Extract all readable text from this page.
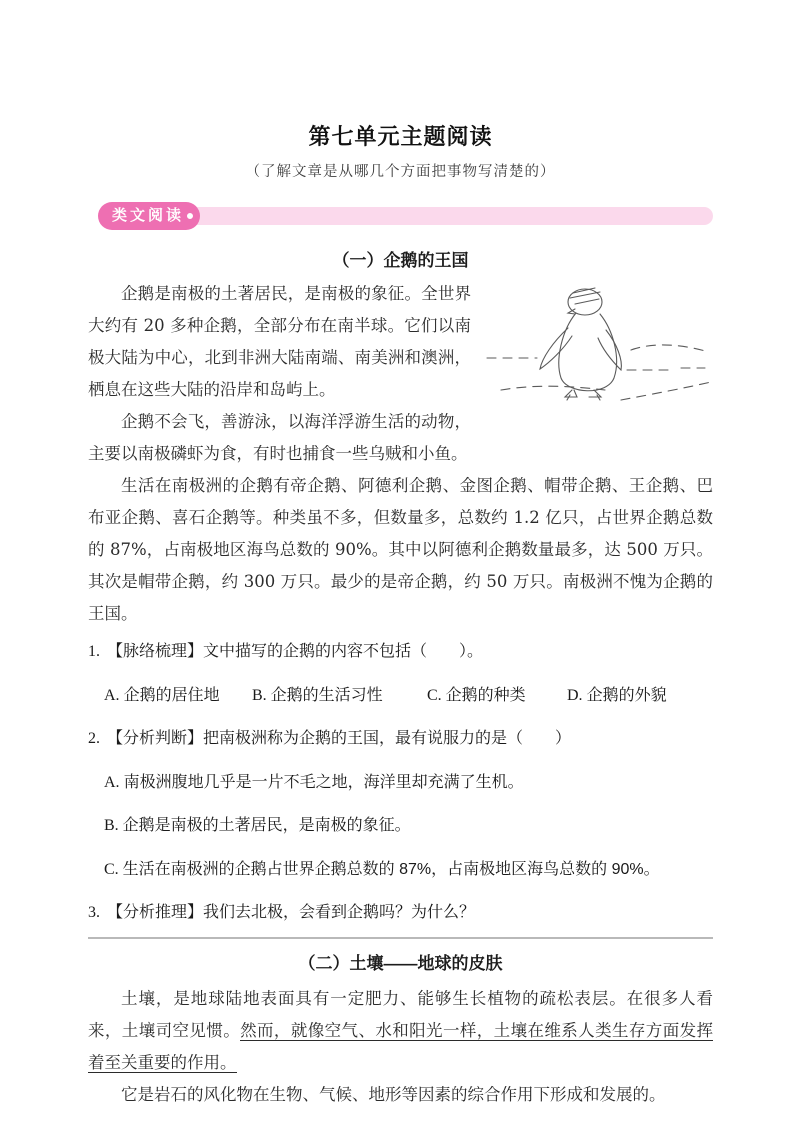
第七单元主题阅读
（了解文章是从哪几个方面把事物写清楚的）
类文阅读
（一）企鹅的王国

企鹅是南极的土著居民，是南极的象征。全世界大约有 20 多种企鹅，全部分布在南半球。它们以南极大陆为中心，北到非洲大陆南端、南美洲和澳洲，栖息在这些大陆的沿岸和岛屿上。

企鹅不会飞，善游泳，以海洋浮游生活的动物，主要以南极磷虾为食，有时也捕食一些乌贼和小鱼。

生活在南极洲的企鹅有帝企鹅、阿德利企鹅、金图企鹅、帽带企鹅、王企鹅、巴布亚企鹅、喜石企鹅等。种类虽不多，但数量多，总数约 1.2 亿只，占世界企鹅总数的 87%，占南极地区海鸟总数的 90%。其中以阿德利企鹅数量最多，达 500 万只。其次是帽带企鹅，约 300 万只。最少的是帝企鹅，约 50 万只。南极洲不愧为企鹅的王国。

1. 【脉络梳理】文中描写的企鹅的内容不包括（　　）。
A. 企鹅的居住地	B. 企鹅的生活习性	C. 企鹅的种类	D. 企鹅的外貌
2. 【分析判断】把南极洲称为企鹅的王国，最有说服力的是（　　）
A. 南极洲腹地几乎是一片不毛之地，海洋里却充满了生机。
B. 企鹅是南极的土著居民，是南极的象征。
C. 生活在南极洲的企鹅占世界企鹅总数的 87%，占南极地区海鸟总数的 90%。
3. 【分析推理】我们去北极，会看到企鹅吗？为什么？
（二）土壤——地球的皮肤

土壤，是地球陆地表面具有一定肥力、能够生长植物的疏松表层。在很多人看来，土壤司空见惯。然而，就像空气、水和阳光一样，土壤在维系人类生存方面发挥着至关重要的作用。

它是岩石的风化物在生物、气候、地形等因素的综合作用下形成和发展的。
